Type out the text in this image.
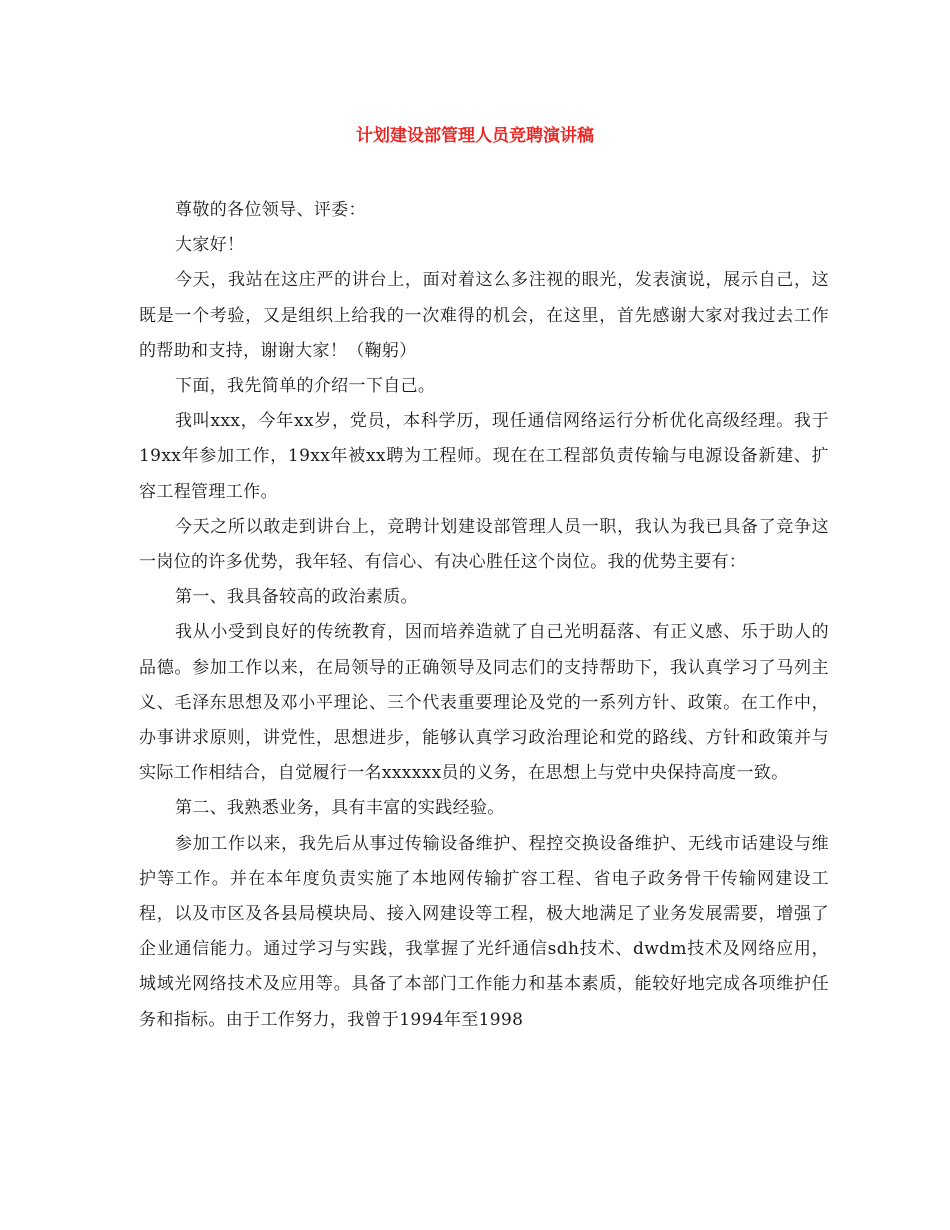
计划建设部管理人员竞聘演讲稿

尊敬的各位领导、评委：

大家好！

今天，我站在这庄严的讲台上，面对着这么多注视的眼光，发表演说，展示自己，这既是一个考验，又是组织上给我的一次难得的机会，在这里，首先感谢大家对我过去工作的帮助和支持，谢谢大家！（鞠躬）

下面，我先简单的介绍一下自己。

我叫xxx，今年xx岁，党员，本科学历，现任通信网络运行分析优化高级经理。我于19xx年参加工作，19xx年被xx聘为工程师。现在在工程部负责传输与电源设备新建、扩容工程管理工作。

今天之所以敢走到讲台上，竞聘计划建设部管理人员一职，我认为我已具备了竞争这一岗位的许多优势，我年轻、有信心、有决心胜任这个岗位。我的优势主要有：

第一、我具备较高的政治素质。

我从小受到良好的传统教育，因而培养造就了自己光明磊落、有正义感、乐于助人的品德。参加工作以来，在局领导的正确领导及同志们的支持帮助下，我认真学习了马列主义、毛泽东思想及邓小平理论、三个代表重要理论及党的一系列方针、政策。在工作中，办事讲求原则，讲党性，思想进步，能够认真学习政治理论和党的路线、方针和政策并与实际工作相结合，自觉履行一名xxxxxx员的义务，在思想上与党中央保持高度一致。

第二、我熟悉业务，具有丰富的实践经验。

参加工作以来，我先后从事过传输设备维护、程控交换设备维护、无线市话建设与维护等工作。并在本年度负责实施了本地网传输扩容工程、省电子政务骨干传输网建设工程，以及市区及各县局模块局、接入网建设等工程，极大地满足了业务发展需要，增强了企业通信能力。通过学习与实践，我掌握了光纤通信sdh技术、dwdm技术及网络应用，城域光网络技术及应用等。具备了本部门工作能力和基本素质，能较好地完成各项维护任务和指标。由于工作努力，我曾于1994年至1998
